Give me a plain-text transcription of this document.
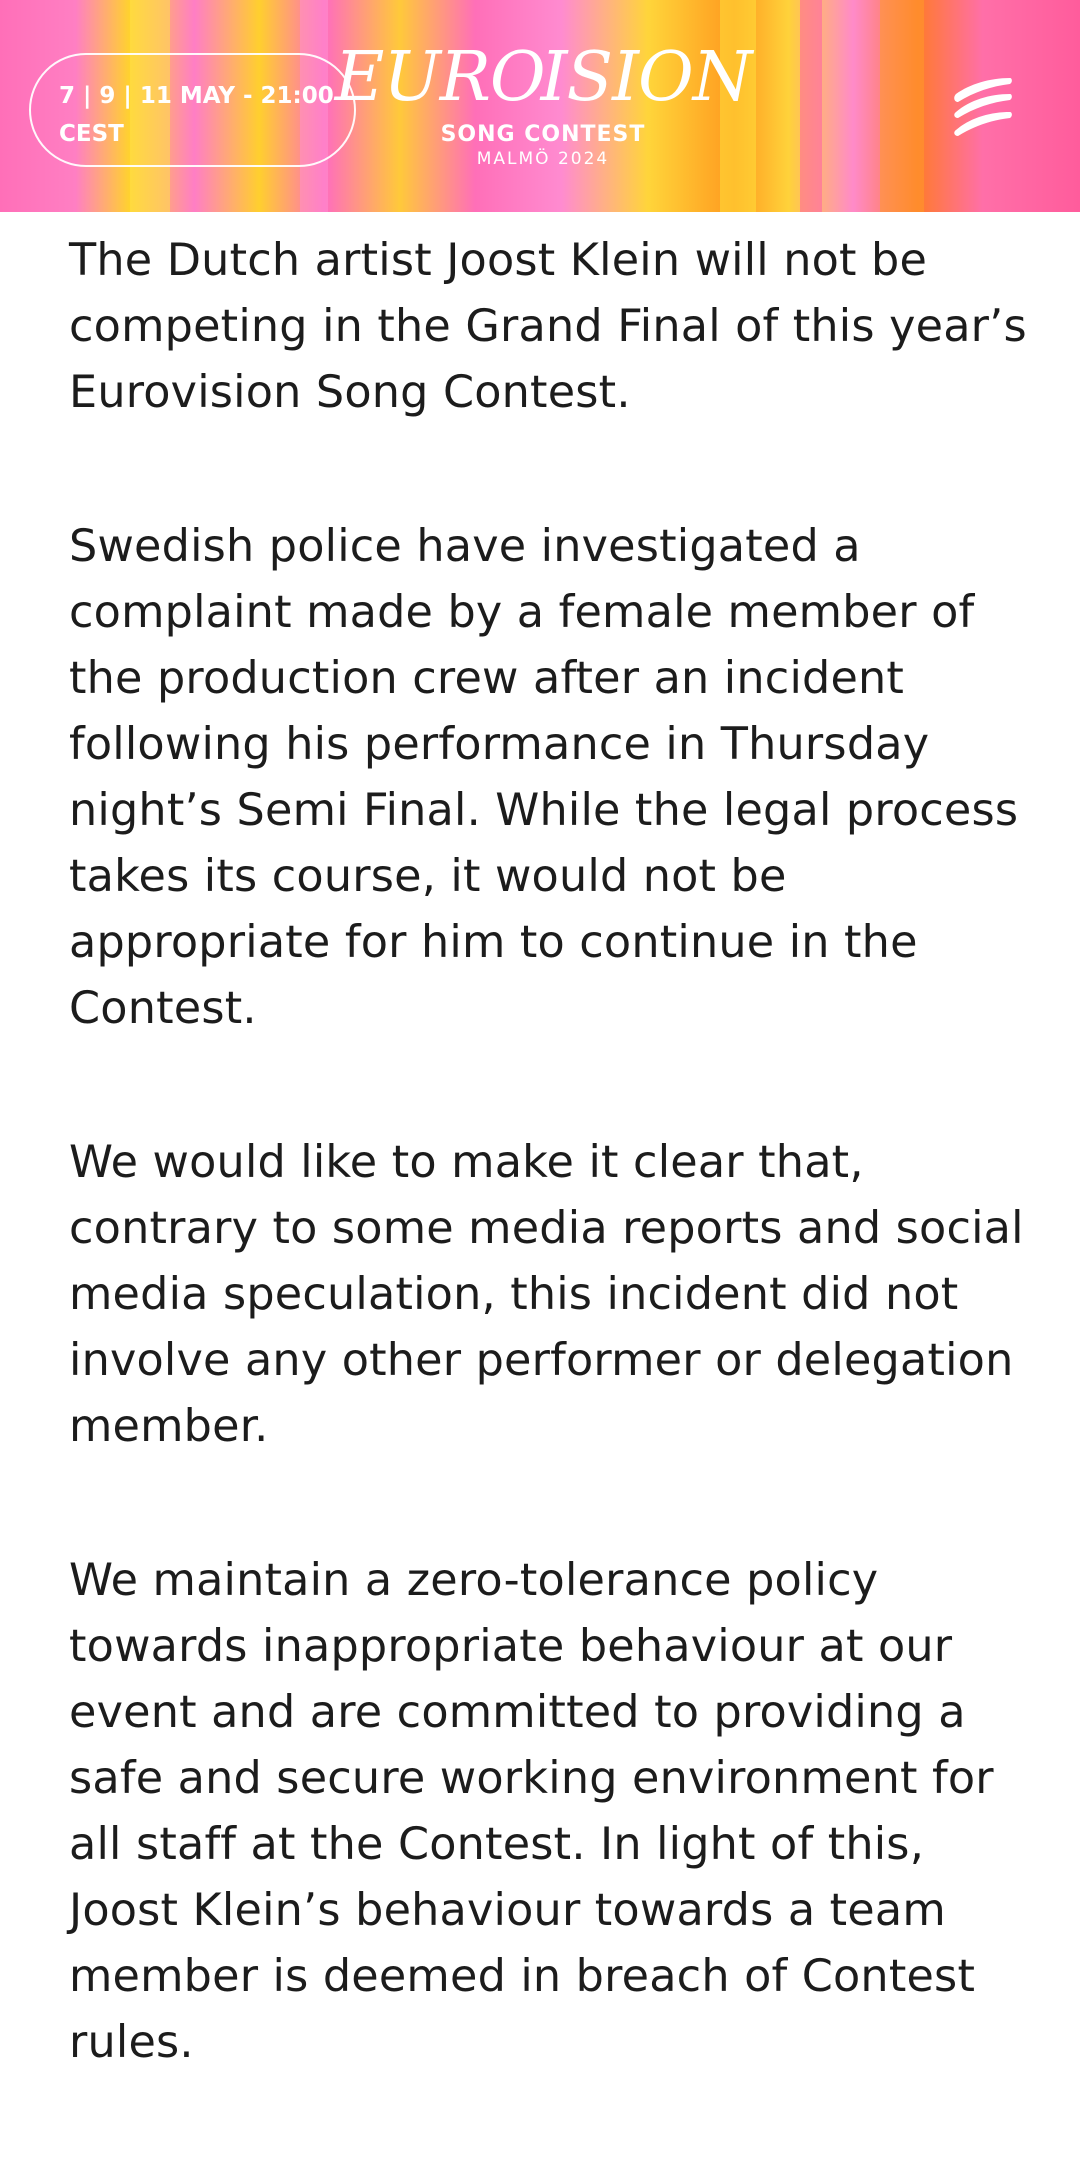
7 | 9 | 11 MAY - 21:00
CEST
EURO
ISION
SONG CONTEST
MALMÖ 2024

The Dutch artist Joost Klein will not be competing in the Grand Final of this year’s Eurovision Song Contest.

Swedish police have investigated a complaint made by a female member of the production crew after an incident following his performance in Thursday night’s Semi Final. While the legal process takes its course, it would not be appropriate for him to continue in the Contest.

We would like to make it clear that, contrary to some media reports and social media speculation, this incident did not involve any other performer or delegation member.

We maintain a zero-tolerance policy towards inappropriate behaviour at our event and are committed to providing a safe and secure working environment for all staff at the Contest. In light of this, Joost Klein’s behaviour towards a team member is deemed in breach of Contest rules.
